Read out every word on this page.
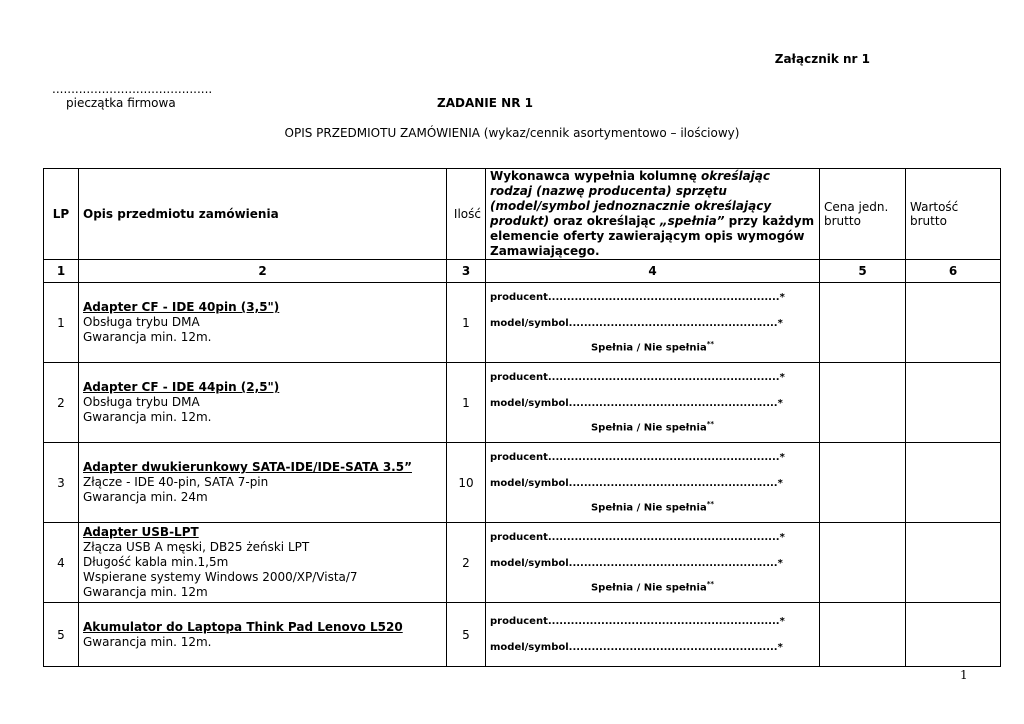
Załącznik nr 1
..........................................
pieczątka firmowa	ZADANIE NR 1
OPIS PRZEDMIOTU ZAMÓWIENIA (wykaz/cennik asortymentowo – ilościowy)
LP	Opis przedmiotu zamówienia	Ilość	Wykonawca wypełnia kolumnę określając rodzaj (nazwę producenta) sprzętu (model/symbol jednoznacznie określający produkt) oraz określając „spełnia” przy każdym elemencie oferty zawierającym opis wymogów Zamawiającego.	Cena jedn. brutto	Wartość brutto
1	2	3	4	5	6
1	Adapter CF - IDE 40pin (3,5")
Obsługa trybu DMA
Gwarancja min. 12m.	1	producent.............................................................*
model/symbol.......................................................*
Spełnia / Nie spełnia**

2	Adapter CF - IDE 44pin (2,5")
Obsługa trybu DMA
Gwarancja min. 12m.	1	producent.............................................................*
model/symbol.......................................................*
Spełnia / Nie spełnia**

3	Adapter dwukierunkowy SATA-IDE/IDE-SATA 3.5”
Złącze - IDE 40-pin, SATA 7-pin
Gwarancja min. 24m	10	producent.............................................................*
model/symbol.......................................................*
Spełnia / Nie spełnia**

4	Adapter USB-LPT
Złącza USB A męski, DB25 żeński LPT
Długość kabla min.1,5m
Wspierane systemy Windows 2000/XP/Vista/7
Gwarancja min. 12m	2	producent.............................................................*
model/symbol.......................................................*
Spełnia / Nie spełnia**

5	Akumulator do Laptopa Think Pad Lenovo L520
Gwarancja min. 12m.	5	producent.............................................................*
model/symbol.......................................................*		

1
